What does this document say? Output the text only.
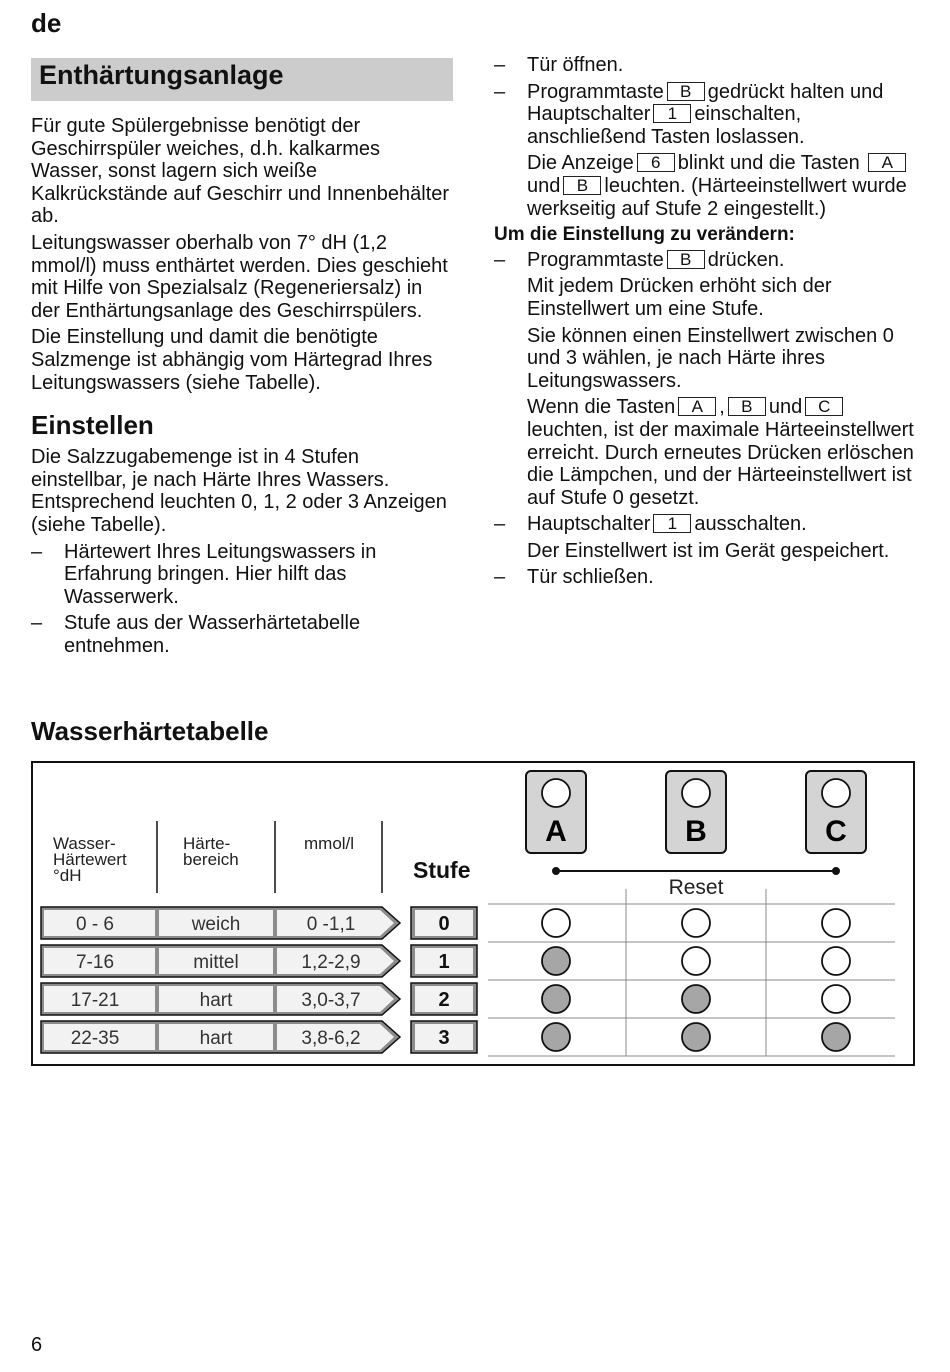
de
Enthärtungsanlage

Für gute Spülergebnisse benötigt der Geschirrspüler weiches, d.h. kalkarmes Wasser, sonst lagern sich weiße Kalkrückstände auf Geschirr und Innenbehälter ab.

Leitungswasser oberhalb von 7° dH (1,2 mmol/l) muss enthärtet werden. Dies geschieht mit Hilfe von Spezialsalz (Regeneriersalz) in der Enthärtungsanlage des Geschirrspülers.

Die Einstellung und damit die benötigte Salzmenge ist abhängig vom Härtegrad Ihres Leitungswassers (siehe Tabelle).

Einstellen

Die Salzzugabemenge ist in 4 Stufen einstellbar, je nach Härte Ihres Wassers. Entsprechend leuchten 0, 1, 2 oder 3 Anzeigen (siehe Tabelle).

– Härtewert Ihres Leitungswassers in Erfahrung bringen. Hier hilft das Wasserwerk.
– Stufe aus der Wasserhärtetabelle entnehmen.
– Tür öffnen.
– Programmtaste B gedrückt halten und Hauptschalter 1 einschalten, anschließend Tasten loslassen.
Die Anzeige 6 blinkt und die Tasten Aund B leuchten. (Härteeinstellwert wurde werkseitig auf Stufe 2 eingestellt.)
Um die Einstellung zu verändern:
– Programmtaste B drücken.

Mit jedem Drücken erhöht sich der Einstellwert um eine Stufe.

Sie können einen Einstellwert zwischen 0 und 3 wählen, je nach Härte ihres Leitungswassers.

Wenn die Tasten A , B und C leuchten, ist der maximale Härteeinstellwert erreicht. Durch erneutes Drücken erlöschen die Lämpchen, und der Härteeinstellwert ist auf Stufe 0 gesetzt.
– Hauptschalter 1 ausschalten.

Der Einstellwert ist im Gerät gespeichert.

– Tür schließen.
Wasserhärtetabelle
Wasser-
Härtewert
°dH
Härte-
bereich
mmol/l
Stufe
A	B	C
Reset
0 - 6	weich	0 -1,1	0
7-16	mittel	1,2-2,9	1
17-21	hart	3,0-3,7	2
22-35	hart	3,8-6,2	3
6
